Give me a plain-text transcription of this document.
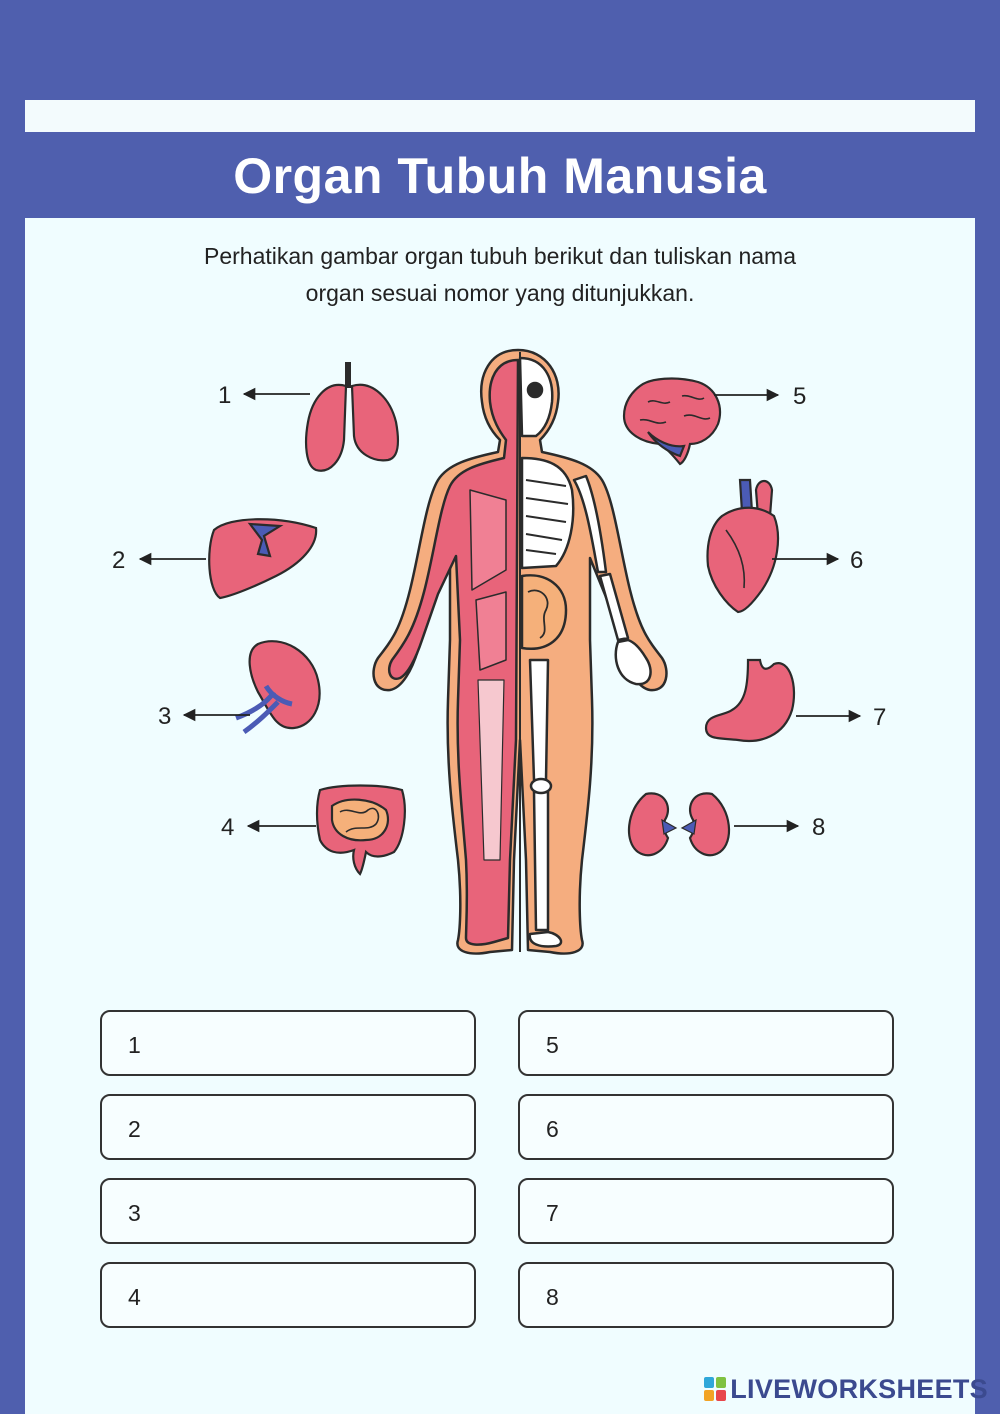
Organ Tubuh Manusia
Perhatikan gambar organ tubuh berikut dan tuliskan nama
organ sesuai nomor yang ditunjukkan.
1
2
3
4
5
6
7
8
1
2
3
4
5
6
7
8
LIVEWORKSHEETS
